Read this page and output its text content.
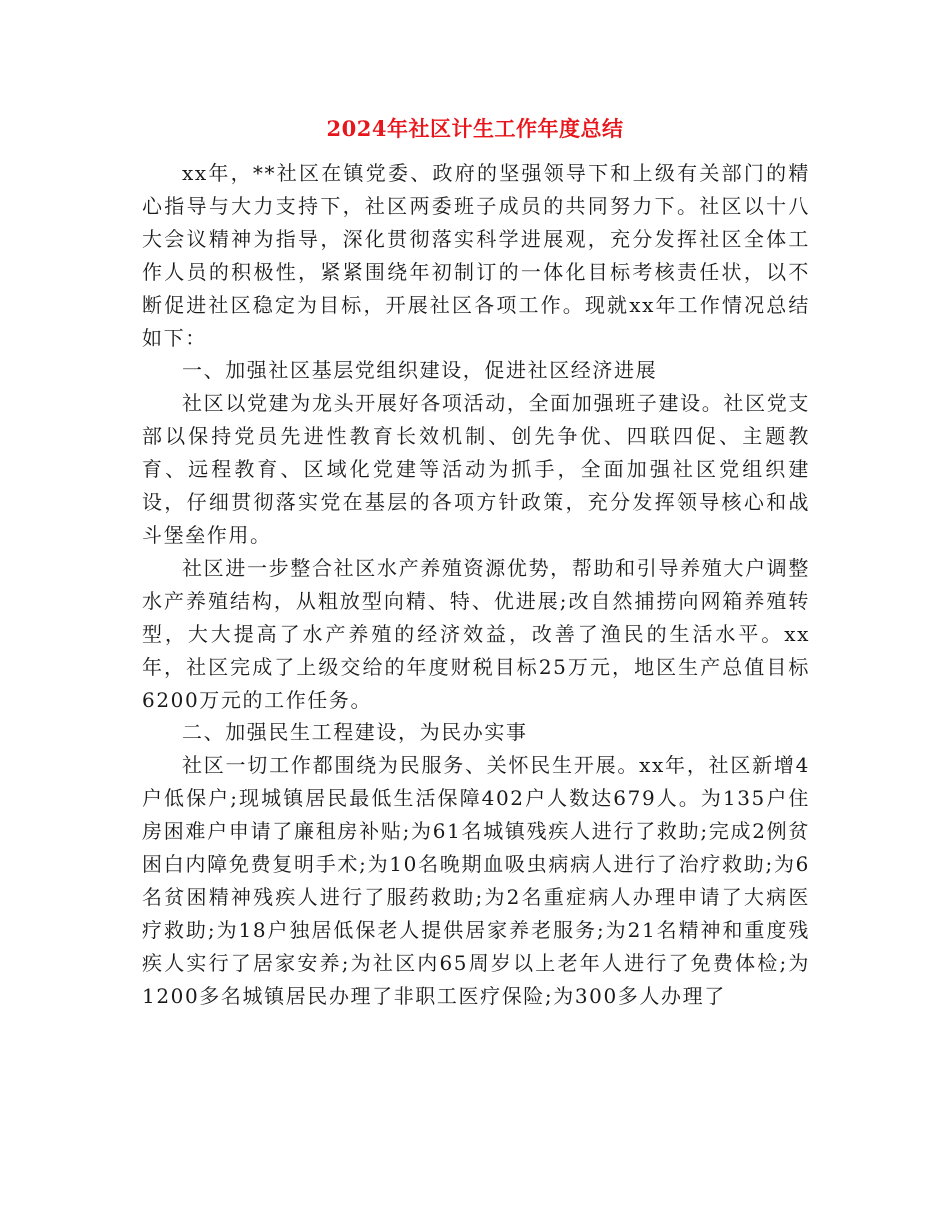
2024年社区计生工作年度总结

xx年，**社区在镇党委、政府的坚强领导下和上级有关部门的精心指导与大力支持下，社区两委班子成员的共同努力下。社区以十八大会议精神为指导，深化贯彻落实科学进展观，充分发挥社区全体工作人员的积极性，紧紧围绕年初制订的一体化目标考核责任状，以不断促进社区稳定为目标，开展社区各项工作。现就xx年工作情况总结如下：

一、加强社区基层党组织建设，促进社区经济进展

社区以党建为龙头开展好各项活动，全面加强班子建设。社区党支部以保持党员先进性教育长效机制、创先争优、四联四促、主题教育、远程教育、区域化党建等活动为抓手，全面加强社区党组织建设，仔细贯彻落实党在基层的各项方针政策，充分发挥领导核心和战斗堡垒作用。

社区进一步整合社区水产养殖资源优势，帮助和引导养殖大户调整水产养殖结构，从粗放型向精、特、优进展;改自然捕捞向网箱养殖转型，大大提高了水产养殖的经济效益，改善了渔民的生活水平。xx年，社区完成了上级交给的年度财税目标25万元，地区生产总值目标6200万元的工作任务。

二、加强民生工程建设，为民办实事

社区一切工作都围绕为民服务、关怀民生开展。xx年，社区新增4户低保户;现城镇居民最低生活保障402户人数达679人。为135户住房困难户申请了廉租房补贴;为61名城镇残疾人进行了救助;完成2例贫困白内障免费复明手术;为10名晚期血吸虫病病人进行了治疗救助;为6名贫困精神残疾人进行了服药救助;为2名重症病人办理申请了大病医疗救助;为18户独居低保老人提供居家养老服务;为21名精神和重度残疾人实行了居家安养;为社区内65周岁以上老年人进行了免费体检;为1200多名城镇居民办理了非职工医疗保险;为300多人办理了
